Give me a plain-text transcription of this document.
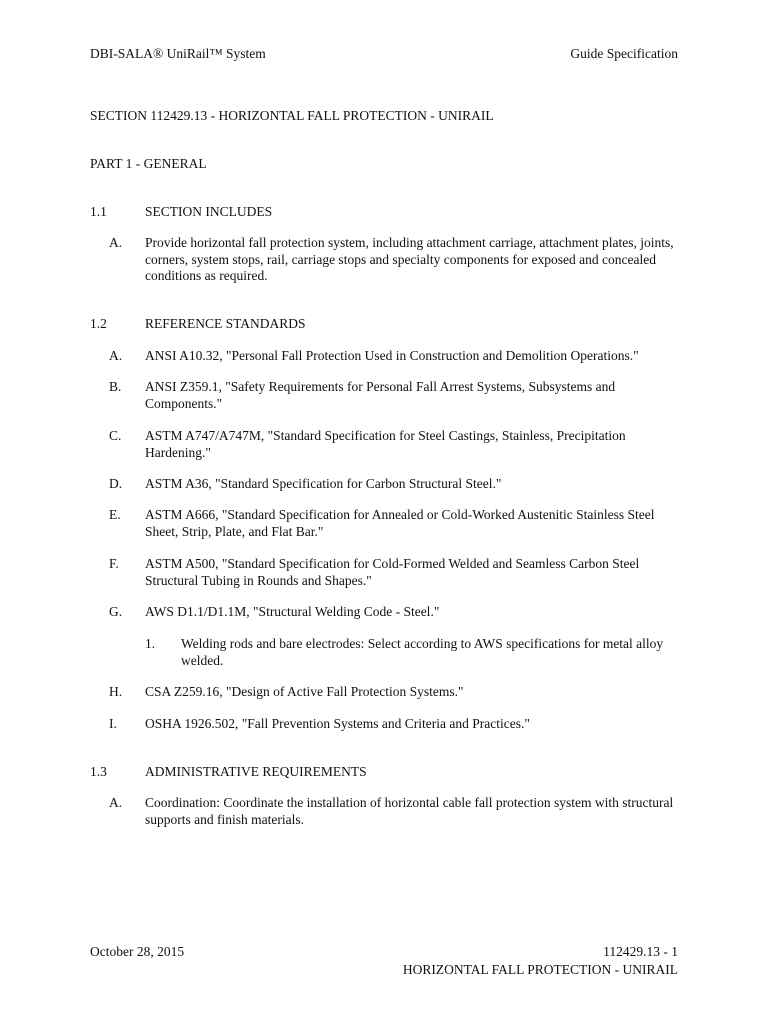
DBI-SALA® UniRail™ System	Guide Specification
SECTION 112429.13 - HORIZONTAL FALL PROTECTION - UNIRAIL
PART 1 - GENERAL
1.1	SECTION INCLUDES
A. Provide horizontal fall protection system, including attachment carriage, attachment plates, joints, corners, system stops, rail, carriage stops and specialty components for exposed and concealed conditions as required.
1.2	REFERENCE STANDARDS
A. ANSI A10.32, "Personal Fall Protection Used in Construction and Demolition Operations."
B. ANSI Z359.1, "Safety Requirements for Personal Fall Arrest Systems, Subsystems and Components."
C. ASTM A747/A747M, "Standard Specification for Steel Castings, Stainless, Precipitation Hardening."
D. ASTM A36, "Standard Specification for Carbon Structural Steel."
E. ASTM A666, "Standard Specification for Annealed or Cold-Worked Austenitic Stainless Steel Sheet, Strip, Plate, and Flat Bar."
F. ASTM A500, "Standard Specification for Cold-Formed Welded and Seamless Carbon Steel Structural Tubing in Rounds and Shapes."
G. AWS D1.1/D1.1M, "Structural Welding Code - Steel."
1. Welding rods and bare electrodes: Select according to AWS specifications for metal alloy welded.
H. CSA Z259.16, "Design of Active Fall Protection Systems."
I. OSHA 1926.502, "Fall Prevention Systems and Criteria and Practices."
1.3	ADMINISTRATIVE REQUIREMENTS
A. Coordination: Coordinate the installation of horizontal cable fall protection system with structural supports and finish materials.
October 28, 2015	112429.13 - 1
HORIZONTAL FALL PROTECTION - UNIRAIL
